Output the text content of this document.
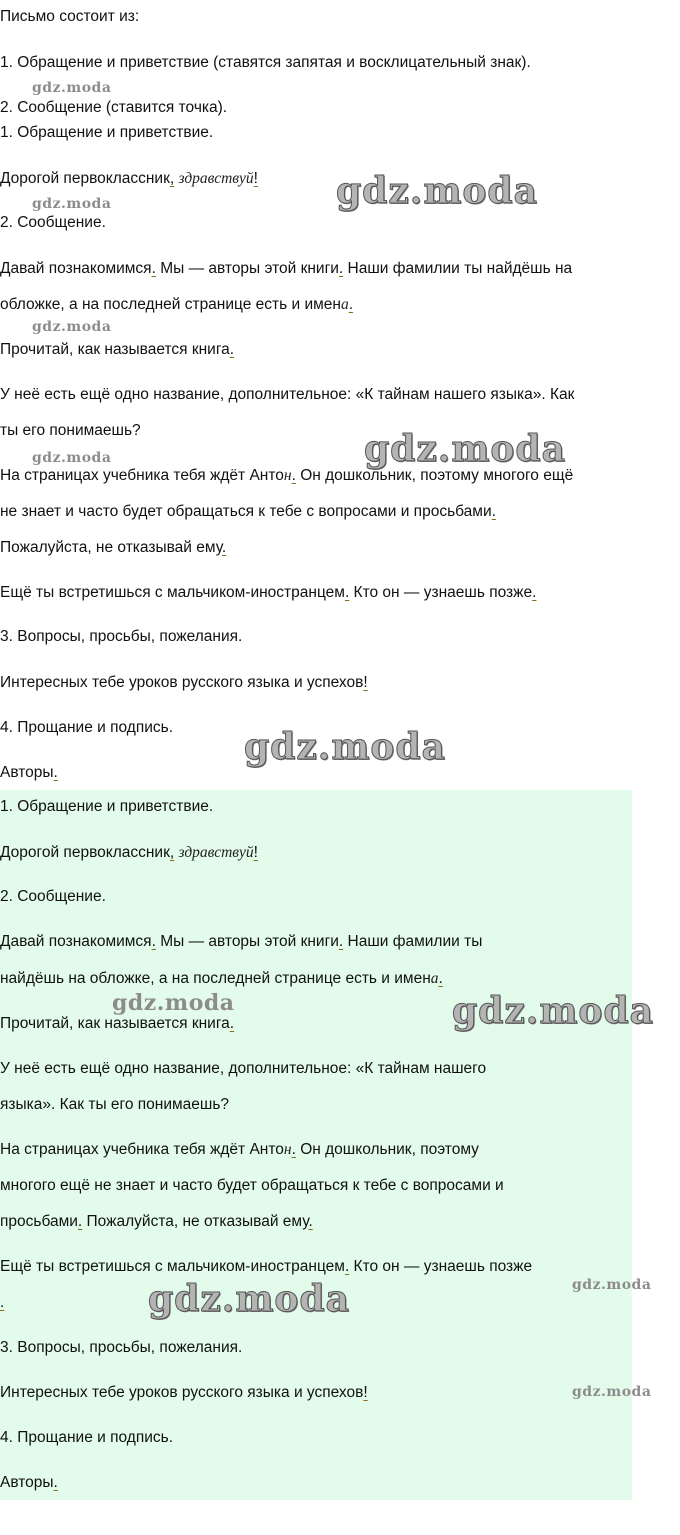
Письмо состоит из:
1. Обращение и приветствие (ставятся запятая и восклицательный знак).
2. Сообщение (ставится точка).
1. Обращение и приветствие.
Дорогой первоклассник, здравствуй!
2. Сообщение.
Давай познакомимся. Мы — авторы этой книги. Наши фамилии ты найдёшь на
обложке, а на последней странице есть и имена.
Прочитай, как называется книга.
У неё есть ещё одно название, дополнительное: «К тайнам нашего языка». Как
ты его понимаешь?
На страницах учебника тебя ждёт Антон. Он дошкольник, поэтому многого ещё
не знает и часто будет обращаться к тебе с вопросами и просьбами.
Пожалуйста, не отказывай ему.
Ещё ты встретишься с мальчиком-иностранцем. Кто он — узнаешь позже.
3. Вопросы, просьбы, пожелания.
Интересных тебе уроков русского языка и успехов!
4. Прощание и подпись.
Авторы.
1. Обращение и приветствие.
Дорогой первоклассник, здравствуй!
2. Сообщение.
Давай познакомимся. Мы — авторы этой книги. Наши фамилии ты
найдёшь на обложке, а на последней странице есть и имена.
Прочитай, как называется книга.
У неё есть ещё одно название, дополнительное: «К тайнам нашего
языка». Как ты его понимаешь?
На страницах учебника тебя ждёт Антон. Он дошкольник, поэтому
многого ещё не знает и часто будет обращаться к тебе с вопросами и
просьбами. Пожалуйста, не отказывай ему.
Ещё ты встретишься с мальчиком-иностранцем. Кто он — узнаешь позже
.
3. Вопросы, просьбы, пожелания.
Интересных тебе уроков русского языка и успехов!
4. Прощание и подпись.
Авторы.
gdz.moda
gdz.moda
gdz.moda
gdz.moda
gdz.moda
gdz.moda
gdz.moda
gdz.moda
gdz.moda
gdz.moda
gdz.moda
gdz.moda
